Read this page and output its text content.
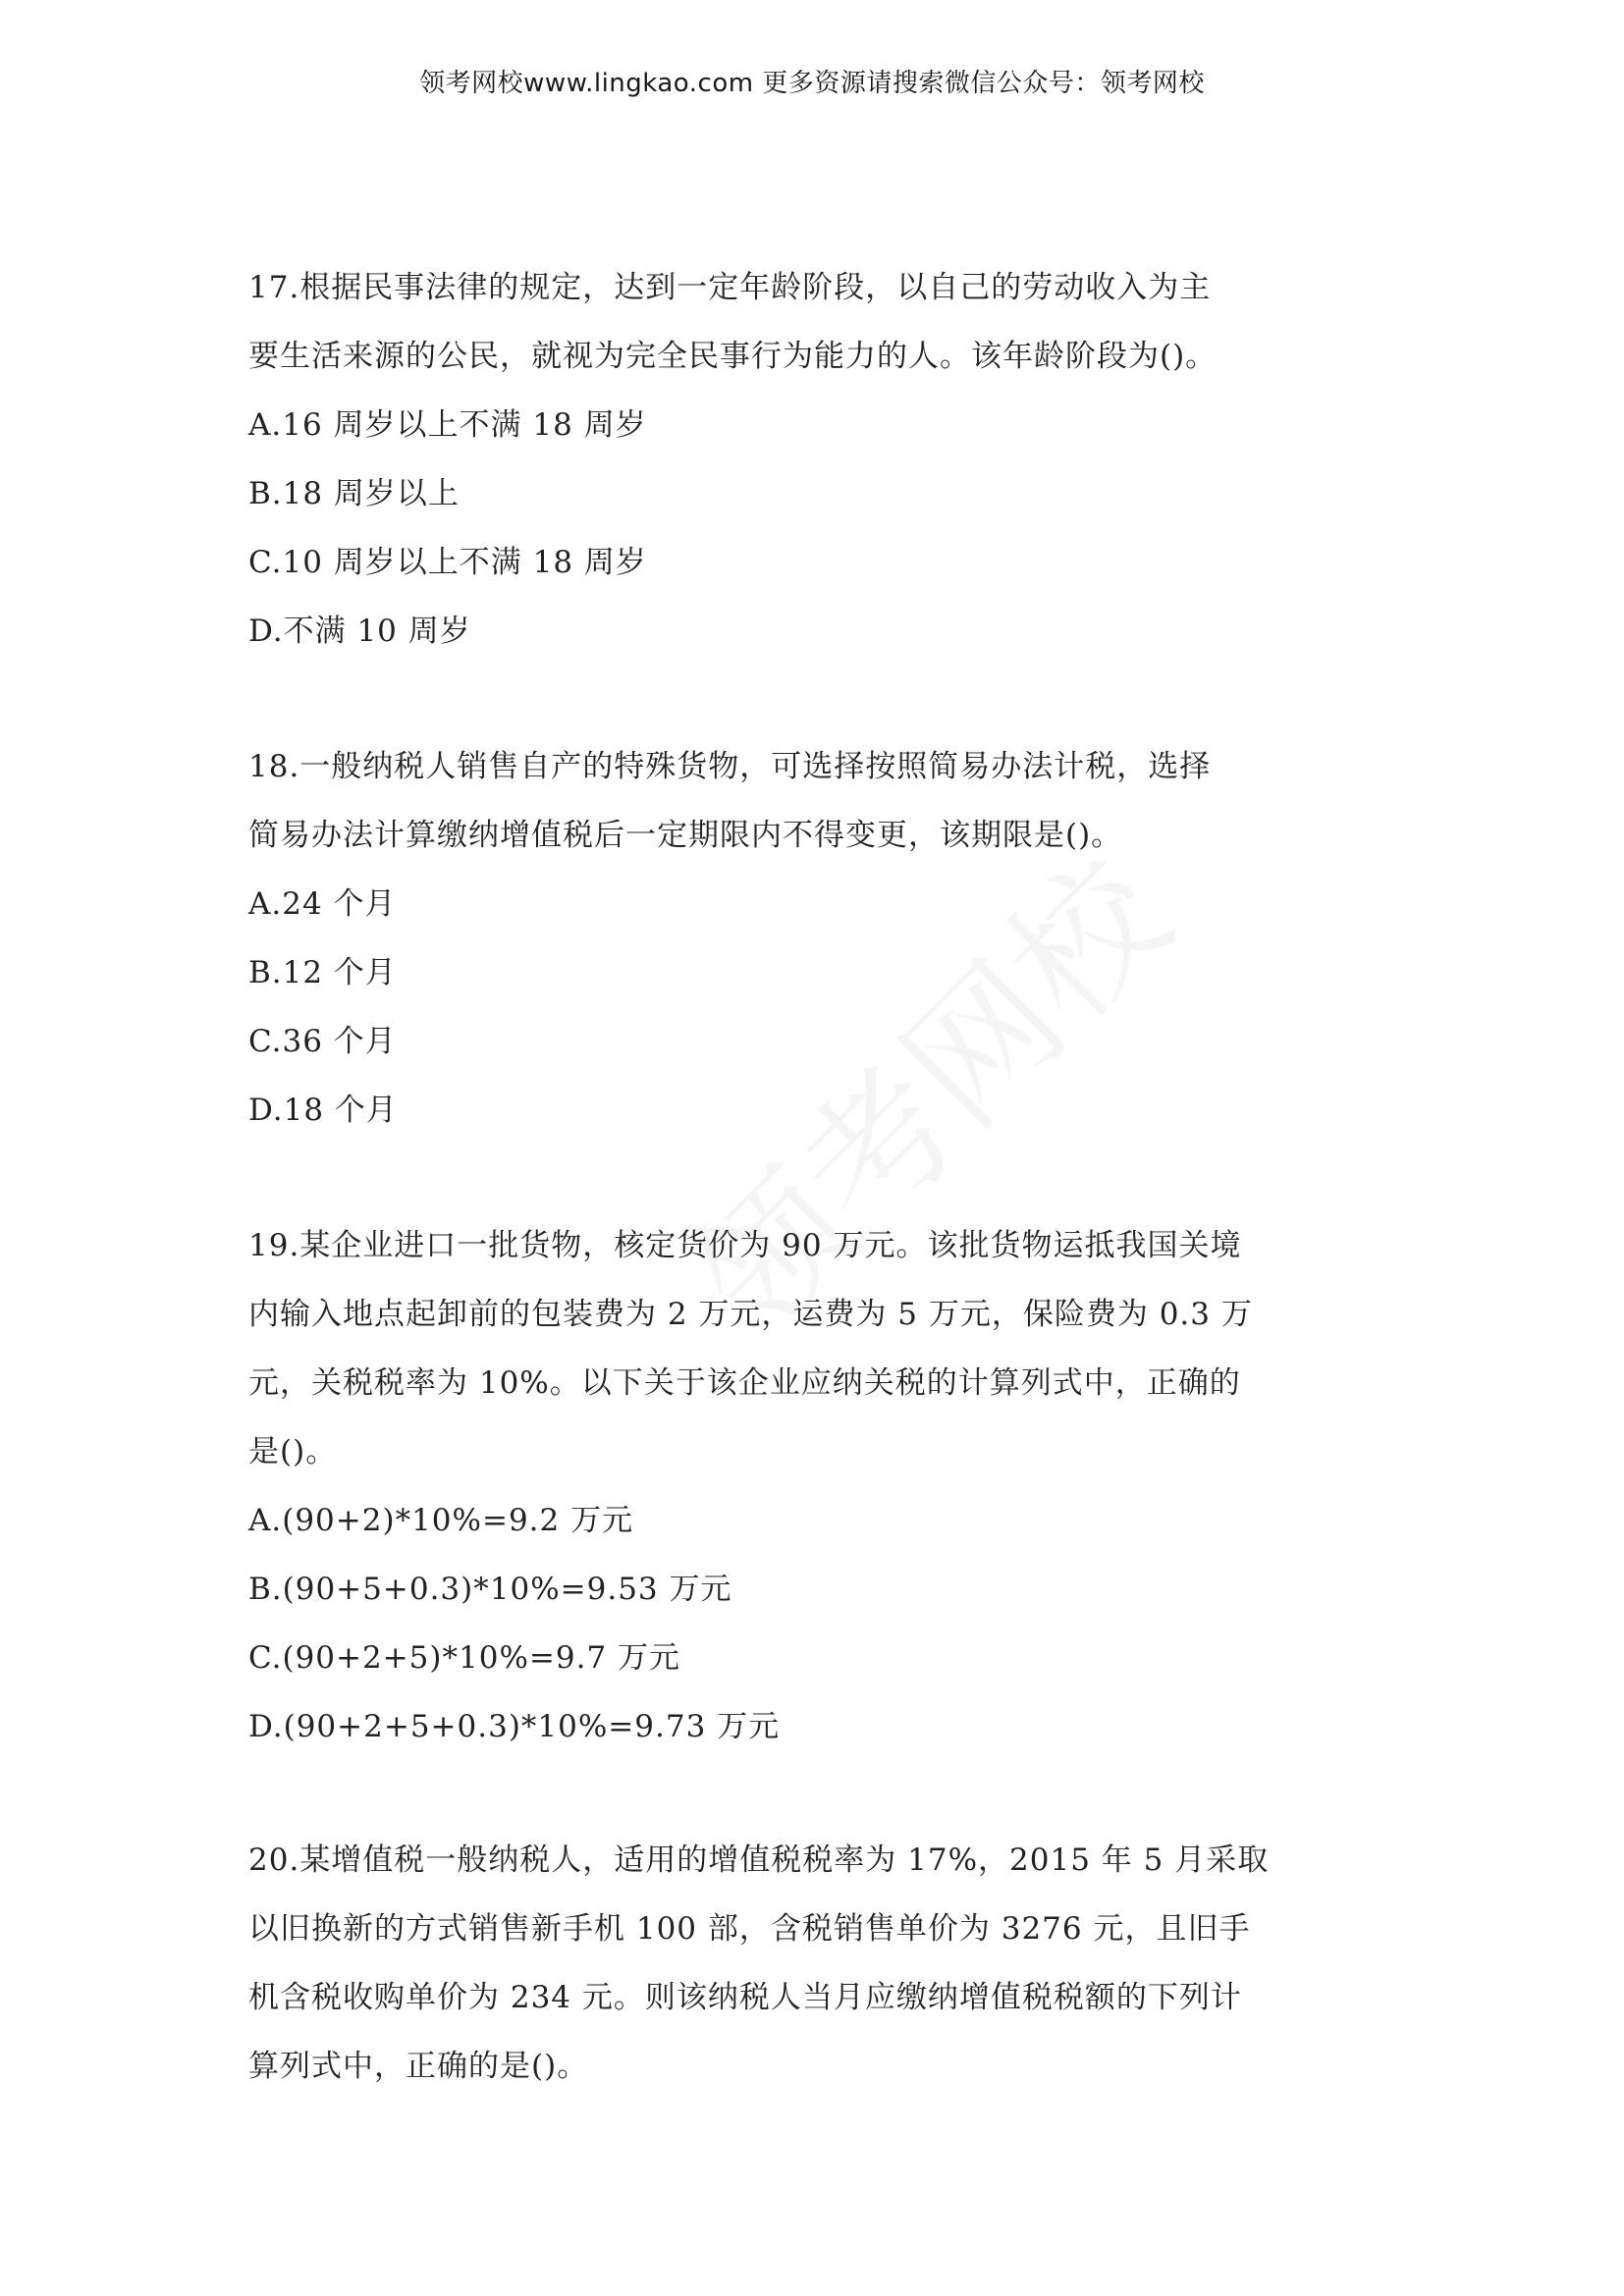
领考网校www.lingkao.com 更多资源请搜索微信公众号：领考网校
17.根据民事法律的规定，达到一定年龄阶段，以自己的劳动收入为主
要生活来源的公民，就视为完全民事行为能力的人。该年龄阶段为()。
A.16 周岁以上不满 18 周岁
B.18 周岁以上
C.10 周岁以上不满 18 周岁
D.不满 10 周岁
18.一般纳税人销售自产的特殊货物，可选择按照简易办法计税，选择
简易办法计算缴纳增值税后一定期限内不得变更，该期限是()。
A.24 个月
B.12 个月
C.36 个月
D.18 个月
19.某企业进口一批货物，核定货价为 90 万元。该批货物运抵我国关境
内输入地点起卸前的包装费为 2 万元，运费为 5 万元，保险费为 0.3 万
元，关税税率为 10%。以下关于该企业应纳关税的计算列式中，正确的
是()。
A.(90+2)*10%=9.2 万元
B.(90+5+0.3)*10%=9.53 万元
C.(90+2+5)*10%=9.7 万元
D.(90+2+5+0.3)*10%=9.73 万元
20.某增值税一般纳税人，适用的增值税税率为 17%，2015 年 5 月采取
以旧换新的方式销售新手机 100 部，含税销售单价为 3276 元，且旧手
机含税收购单价为 234 元。则该纳税人当月应缴纳增值税税额的下列计
算列式中，正确的是()。
